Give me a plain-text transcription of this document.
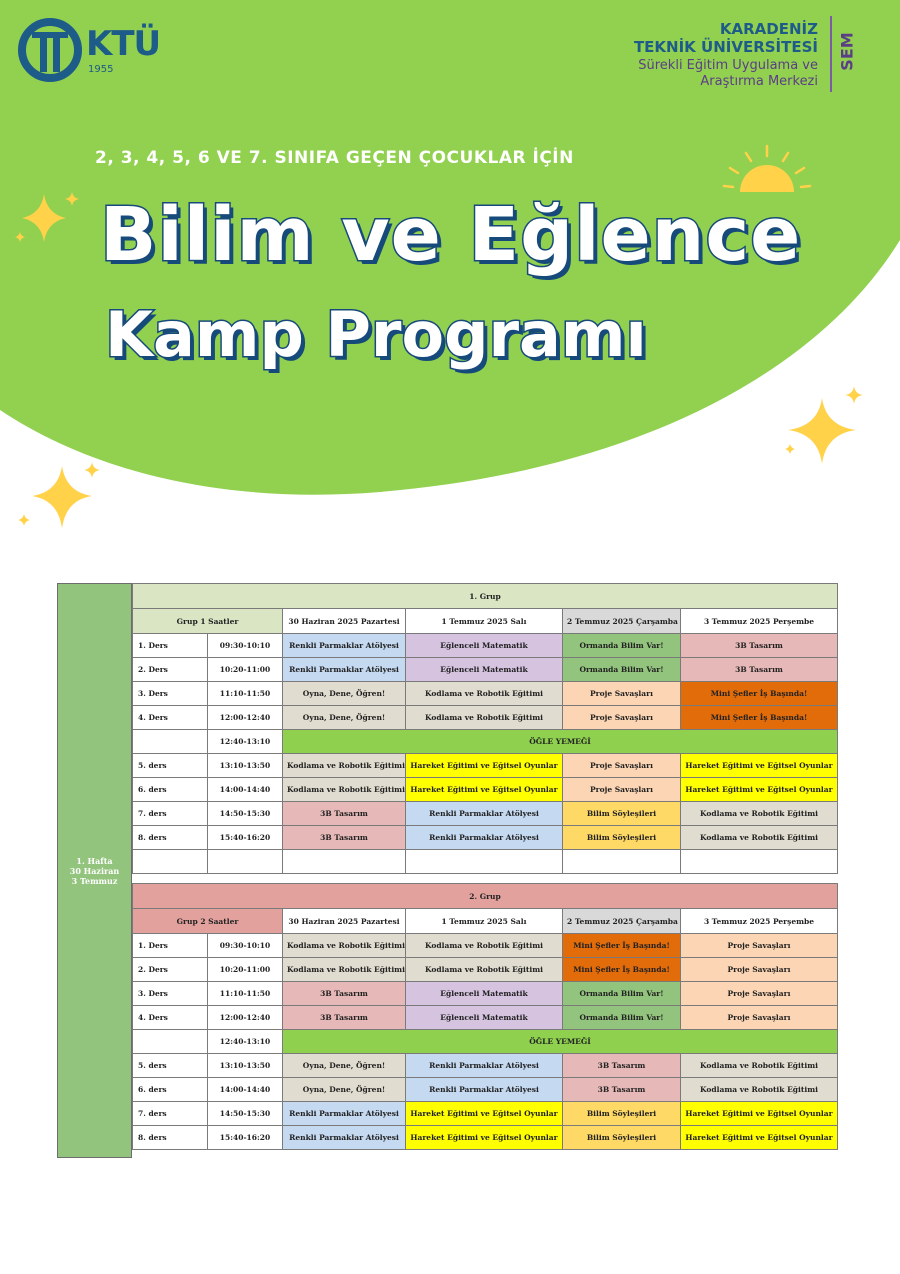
KTÜ
1955
KARADENİZ
TEKNİK ÜNİVERSİTESİ
Sürekli Eğitim Uygulama ve
Araştırma Merkezi
SEM
2, 3, 4, 5, 6 VE 7. SINIFA GEÇEN ÇOCUKLAR İÇİN
Bilim ve Eğlence
Kamp Programı
1. Hafta
30 Haziran
3 Temmuz
1. Grup					
Grup 1 Saatler		30 Haziran 2025 Pazartesi	1 Temmuz 2025 Salı	2 Temmuz 2025 Çarşamba	3 Temmuz 2025 Perşembe
1. Ders	09:30-10:10	Renkli Parmaklar Atölyesi	Eğlenceli Matematik	Ormanda Bilim Var!	3B Tasarım
2. Ders	10:20-11:00	Renkli Parmaklar Atölyesi	Eğlenceli Matematik	Ormanda Bilim Var!	3B Tasarım
3. Ders	11:10-11:50	Oyna, Dene, Öğren!	Kodlama ve Robotik Eğitimi	Proje Savaşları	Mini Şefler İş Başında!
4. Ders	12:00-12:40	Oyna, Dene, Öğren!	Kodlama ve Robotik Eğitimi	Proje Savaşları	Mini Şefler İş Başında!
	12:40-13:10	ÖĞLE YEMEĞİ			
5. ders	13:10-13:50	Kodlama ve Robotik Eğitimi	Hareket Eğitimi ve Eğitsel Oyunlar	Proje Savaşları	Hareket Eğitimi ve Eğitsel Oyunlar
6. ders	14:00-14:40	Kodlama ve Robotik Eğitimi	Hareket Eğitimi ve Eğitsel Oyunlar	Proje Savaşları	Hareket Eğitimi ve Eğitsel Oyunlar
7. ders	14:50-15:30	3B Tasarım	Renkli Parmaklar Atölyesi	Bilim Söyleşileri	Kodlama ve Robotik Eğitimi
8. ders	15:40-16:20	3B Tasarım	Renkli Parmaklar Atölyesi	Bilim Söyleşileri	Kodlama ve Robotik Eğitimi

2. Grup					
Grup 2 Saatler		30 Haziran 2025 Pazartesi	1 Temmuz 2025 Salı	2 Temmuz 2025 Çarşamba	3 Temmuz 2025 Perşembe
1. Ders	09:30-10:10	Kodlama ve Robotik Eğitimi	Kodlama ve Robotik Eğitimi	Mini Şefler İş Başında!	Proje Savaşları
2. Ders	10:20-11:00	Kodlama ve Robotik Eğitimi	Kodlama ve Robotik Eğitimi	Mini Şefler İş Başında!	Proje Savaşları
3. Ders	11:10-11:50	3B Tasarım	Eğlenceli Matematik	Ormanda Bilim Var!	Proje Savaşları
4. Ders	12:00-12:40	3B Tasarım	Eğlenceli Matematik	Ormanda Bilim Var!	Proje Savaşları
	12:40-13:10	ÖĞLE YEMEĞİ			
5. ders	13:10-13:50	Oyna, Dene, Öğren!	Renkli Parmaklar Atölyesi	3B Tasarım	Kodlama ve Robotik Eğitimi
6. ders	14:00-14:40	Oyna, Dene, Öğren!	Renkli Parmaklar Atölyesi	3B Tasarım	Kodlama ve Robotik Eğitimi
7. ders	14:50-15:30	Renkli Parmaklar Atölyesi	Hareket Eğitimi ve Eğitsel Oyunlar	Bilim Söyleşileri	Hareket Eğitimi ve Eğitsel Oyunlar
8. ders	15:40-16:20	Renkli Parmaklar Atölyesi	Hareket Eğitimi ve Eğitsel Oyunlar	Bilim Söyleşileri	Hareket Eğitimi ve Eğitsel Oyunlar
